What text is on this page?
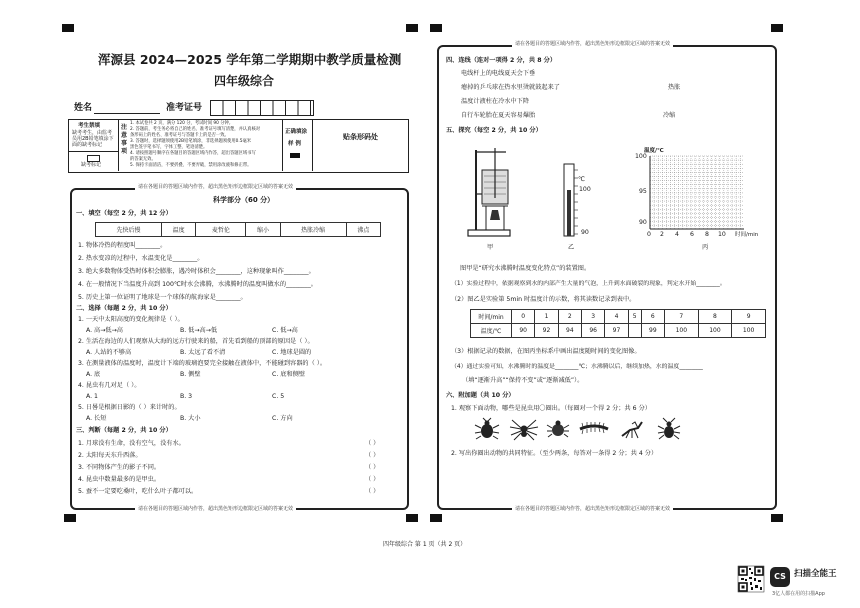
浑源县 2024—2025 学年第二学期期中教学质量检测
四年级综合
姓名	准考证号
考生禁填
缺考考生，由监考
员用2B铅笔填涂下
面的缺考标记
缺考标记
注意事项
1. 本试卷共 2 页，满分 120 分，考试时间 90 分钟。
2. 答题前，考生务必将自己的姓名、准考证号填写清楚，并认真核对
条形码上的姓名、准考证号与答题卡上的是否一致。
3. 答题时，选择题须使用2B铅笔填涂，非选择题须使用0.5毫米
黑色签字笔书写，字体工整、笔迹清楚。
4. 请按照题号顺序在各题目的答题区域内作答，超出答题区域书写
的答案无效。
5. 保持卡面清洁，不要折叠、不要弄破，禁用涂改液和修正带。
正确填涂
样 例
贴条形码处
请在各题目的答题区域内作答，超出黑色矩形边框限定区域的答案无效
请在各题目的答题区域内作答，超出黑色矩形边框限定区域的答案无效
科学部分（60 分）
一、填空（每空 2 分，共 12 分）
先快后慢	温度	麦哲伦	缩小	热胀冷缩	沸点
1. 物体冷热的程度叫________。
2. 热水变凉的过程中，水温变化是________。
3. 绝大多数物体受热时体积会膨胀，遇冷时体积会________，这种现象叫作________。
4. 在一般情况下当温度升高到 100℃时水会沸腾，水沸腾时的温度叫做水的________。
5. 历史上第一位证明了地球是一个球体的航海家是________。
二、选择（每题 2 分，共 10 分）
1. 一天中太阳高度的变化规律是（ ）。
A. 高→低→高	B. 低→高→低	C. 低→高
2. 生活在海边的人们观察从大海的远方行驶来的船，首先看到船的顶部的原因是（ ）。
A. 人站的不够高	B. 太远了看不清	C. 地球是圆的
3. 在测量液体的温度时，温度计下端的玻璃泡要完全接触在液体中，不能碰到容器的（ ）。
A. 底	B. 侧壁	C. 底和侧壁
4. 昆虫有几对足（ ）。
A. 1	B. 3	C. 5
5. 日晷是根据日影的（ ）来计时的。
A. 长短	B. 大小	C. 方向
三、判断（每题 2 分，共 10 分）
1. 月球没有生命，没有空气，没有水。
2. 太阳每天东升西落。
3. 不同物体产生的影子不同。
4. 昆虫中数量最多的是甲虫。
5. 蚕不一定要吃桑叶，吃什么叶子都可以。
（ ）
（ ）
（ ）
（ ）
（ ）
请在各题目的答题区域内作答，超出黑色矩形边框限定区域的答案无效
请在各题目的答题区域内作答，超出黑色矩形边框限定区域的答案无效
四、连线（连对一项得 2 分，共 8 分）
电线杆上的电线夏天会下垂
瘪掉的乒乓球在热水里烫就鼓起来了
温度计液柱在冷水中下降
自行车轮胎在夏天容易爆胎
热胀
冷缩
五、探究（每空 2 分，共 10 分）
甲
℃
100
90
乙
温度/℃
100
95
90
0 2 4 6 8 10 时间/min
丙
图甲是“研究水沸腾时温度变化特点”的装置图。
（1）实验过程中，依据观察到水的内部产生大量的气泡，上升到水面破裂的现象，判定水开始________。
（2）图乙是实验第 5min 时温度计的示数，将其读数记录到表中。
时间/min	0	1	2	3	4	5	6	7	8	9
温度/℃	90	92	94	96	97		99	100	100	100
（3）根据记录的数据，在图丙坐标系中画出温度随时间的变化图像。
（4）通过实验可知，水沸腾时的温度是________℃；水沸腾以后，继续加热，水的温度________
（填“逐渐升高”“保持不变”或“逐渐减低”）。
六、附加题（共 10 分）
1. 观察下面动物，哪些是昆虫用〇圈出。（每圈对一个得 2 分；共 6 分）
2. 写出你圈出动物的共同特征。（至少两条，每答对一条得 2 分；共 4 分）
四年级综合 第 1 页（共 2 页）
CS 扫描全能王
3亿人都在用的扫描App
